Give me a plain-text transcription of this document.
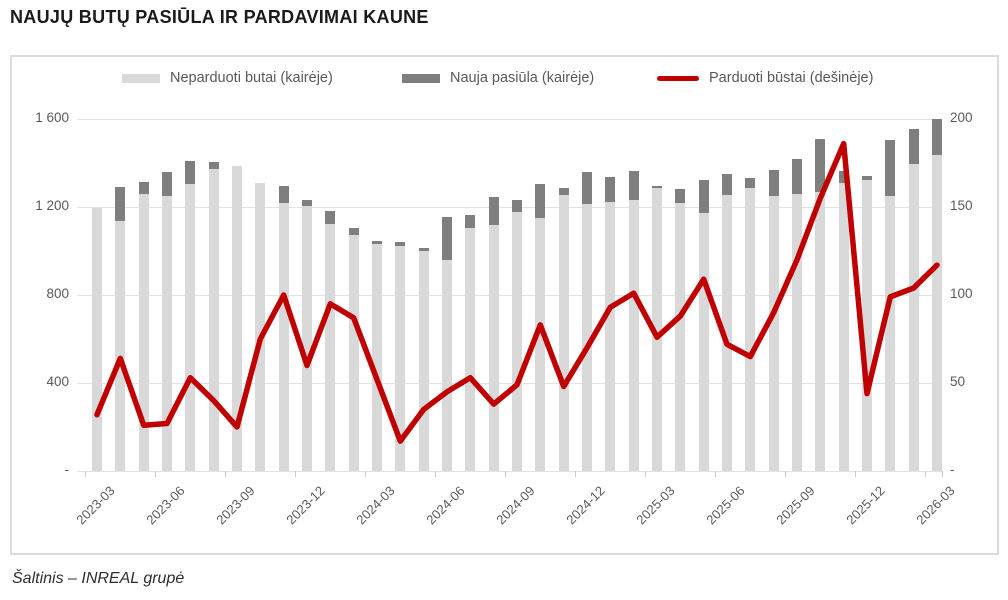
NAUJŲ BUTŲ PASIŪLA IR PARDAVIMAI KAUNE
Neparduoti butai (kairėje)	Nauja pasiūla (kairėje)	Parduoti būstai (dešinėje)
-
400
800
1 200
1 600
-
50
100
150
200
2023-03	2023-06	2023-09	2023-12	2024-03	2024-06	2024-09	2024-12	2025-03	2025-06	2025-09	2025-12	2026-03
Šaltinis – INREAL grupė
